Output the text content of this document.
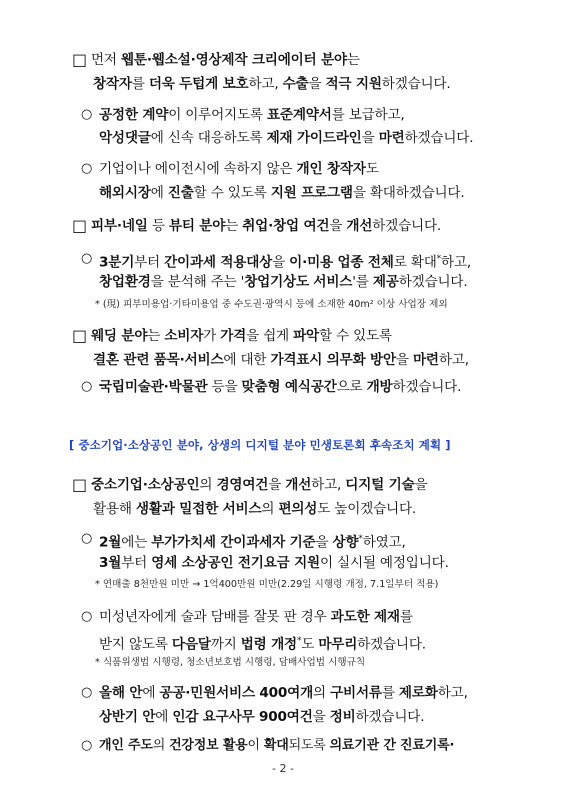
□ 먼저 웹툰·웹소설·영상제작 크리에이터 분야는
창작자를 더욱 두텁게 보호하고, 수출을 적극 지원하겠습니다.
○ 공정한 계약이 이루어지도록 표준계약서를 보급하고,
악성댓글에 신속 대응하도록 제재 가이드라인을 마련하겠습니다.
○ 기업이나 에이전시에 속하지 않은 개인 창작자도
해외시장에 진출할 수 있도록 지원 프로그램을 확대하겠습니다.
□ 피부·네일 등 뷰티 분야는 취업·창업 여건을 개선하겠습니다.
○ 3분기부터 간이과세 적용대상을 이·미용 업종 전체로 확대*하고,
창업환경을 분석해 주는 '창업기상도 서비스'를 제공하겠습니다.
* (現) 피부미용업·기타미용업 중 수도권·광역시 등에 소재한 40m² 이상 사업장 제외
□ 웨딩 분야는 소비자가 가격을 쉽게 파악할 수 있도록
결혼 관련 품목·서비스에 대한 가격표시 의무화 방안을 마련하고,
○ 국립미술관·박물관 등을 맞춤형 예식공간으로 개방하겠습니다.
[ 중소기업·소상공인 분야, 상생의 디지털 분야 민생토론회 후속조치 계획 ]
□ 중소기업·소상공인의 경영여건을 개선하고, 디지털 기술을
활용해 생활과 밀접한 서비스의 편의성도 높이겠습니다.
○ 2월에는 부가가치세 간이과세자 기준을 상향*하였고,
3월부터 영세 소상공인 전기요금 지원이 실시될 예정입니다.
* 연매출 8천만원 미만 → 1억400만원 미만(2.29일 시행령 개정, 7.1일부터 적용)
○ 미성년자에게 술과 담배를 잘못 판 경우 과도한 제재를
받지 않도록 다음달까지 법령 개정*도 마무리하겠습니다.
* 식품위생법 시행령, 청소년보호법 시행령, 담배사업법 시행규칙
○ 올해 안에 공공·민원서비스 400여개의 구비서류를 제로화하고,
상반기 안에 인감 요구사무 900여건을 정비하겠습니다.
○ 개인 주도의 건강정보 활용이 확대되도록 의료기관 간 진료기록·
- 2 -
